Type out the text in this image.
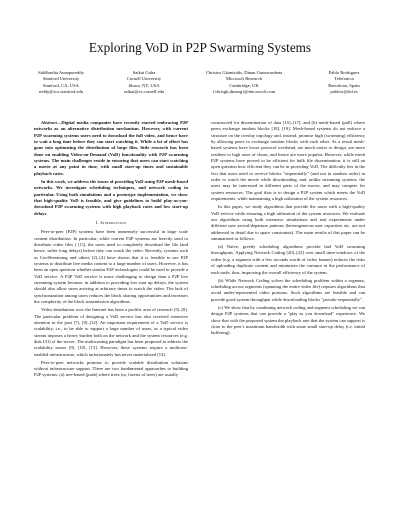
Exploring VoD in P2P Swarming Systems
Siddhartha Annapureddy
Stanford University
Stanford, CA, USA
reddy@scs.stanford.edu
Saikat Guha
Cornell University
Ithaca, NY, USA
saikat@cs.cornell.edu
Christos Gkantsidis, Dinan Gunawardena
Microsoft Research
Cambridge, UK
{chrisgk,dinang}@microsoft.com
Pablo Rodriguez
Telefonica
Barcelona, Spain
pablorr@tid.es

Abstract—Digital media companies have recently started embracing P2P networks as an alternative distribution mechanism. However, with current P2P swarming systems users need to download the full video, and hence have to wait a long time before they can start watching it. While a lot of effort has gone into optimizing the distribution of large files, little research has been done on enabling Video-on-Demand (VoD) functionality with P2P swarming systems. The main challenges reside in ensuring that users can start watching a movie at any point in time, with small start-up times and sustainable playback rates.

In this work, we address the issues of providing VoD using P2P mesh-based networks. We investigate scheduling techniques, and network coding in particular. Using both simulations and a prototype implementation, we show that high-quality VoD is feasible, and give guidelines to build play-as-you-download P2P swarming systems with high playback rates and low start-up delays.

I. Introduction

Peer-to-peer (P2P) systems have been immensely successful in large scale content distribution. In particular, while current P2P systems are heavily used to distribute video files ( [1]), the users need to completely download the file (and hence, suffer long delays) before they can watch the video. Recently, systems such as CoolStreaming and others [2]–[4] have shown that it is feasible to use P2P systems to distribute live media content to a large number of users. However, it has been an open question whether similar P2P technologies could be used to provide a VoD service. A P2P VoD service is more challenging to design than a P2P live streaming system because, in addition to providing low start up delays, the system should also allow users arriving at arbitrary times to watch the video. The lack of synchronization among users reduces the block sharing opportunities and increases the complexity of the block transmission algorithms.

Video distribution over the Internet has been a prolific area of research [5]–[8]. The particular problem of designing a VoD service has also received extensive attention in the past [7], [9]–[12]. An important requirement of a VoD service is scalability, i.e., to be able to support a large number of users, as a typical video stream imposes a heavy burden both on the network and the system resources (e.g. disk I/O) of the server. The multicasting paradigm has been proposed to address the scalability issues [9], [10], [13]. However, these systems require a multicast-enabled infrastructure, which unfortunately has never materialized [14].

Peer-to-peer networks promise to provide scalable distribution solutions without infrastructure support. There are two fundamental approaches to building P2P systems: (a) tree-based (push) where trees (or, forests of trees) are usually

constructed for dissemination of data [15]–[17], and (b) mesh-based (pull) where peers exchange random blocks [18], [19]. Mesh-based systems do not enforce a structure on the overlay topology and, instead, promise high (swarming) efficiency by allowing peers to exchange random blocks with each other. As a result mesh-based systems have lower protocol overhead, are much easier to design, are more resilient to high rates of churn, and hence are more popular. However, while mesh P2P systems have proved to be efficient for bulk file dissemination, it is still an open question how efficient they can be in providing VoD. The difficulty lies in the fact that users need to receive blocks "sequentially" (and not in random order) in order to watch the movie while downloading, and, unlike streaming systems, the users may be interested in different parts of the movie, and may compete for system resources. The goal thus is to design a P2P system which meets the VoD requirements, while maintaining a high utilization of the system resources.

In this paper, we study algorithms that provide the users with a high-quality VoD service while ensuring a high utilization of the system resources. We evaluate our algorithms using both extensive simulations and real experiments under different user arrival/departure patterns (heterogeneous user capacities etc. are not addressed in detail due to space constraints). The main results of this paper can be summarized as follows:

(a) Naïve, greedy scheduling algorithms provide bad VoD swarming throughputs. Applying Network Coding [20]–[22] over small time-windows of the video (e.g. a segment with a few seconds worth of video frames) reduces the risks of uploading duplicate content and minimizes the variance in the performance of each node, thus, improving the overall efficiency of the system.

(b) While Network Coding solves the scheduling problem within a segment, scheduling across segments (spanning the entire video file) requires algorithms that avoid under-represented video portions. Such algorithms are feasible and can provide good system throughput while downloading blocks "pseudo-sequentially".

(c) We show that by combining network coding and segment scheduling we can design P2P systems that can provide a "play as you download" experience. We show that with the proposed system the playback rate that the system can support is close to the peer's maximum bandwidth with some small start-up delay (i.e. initial buffering).
